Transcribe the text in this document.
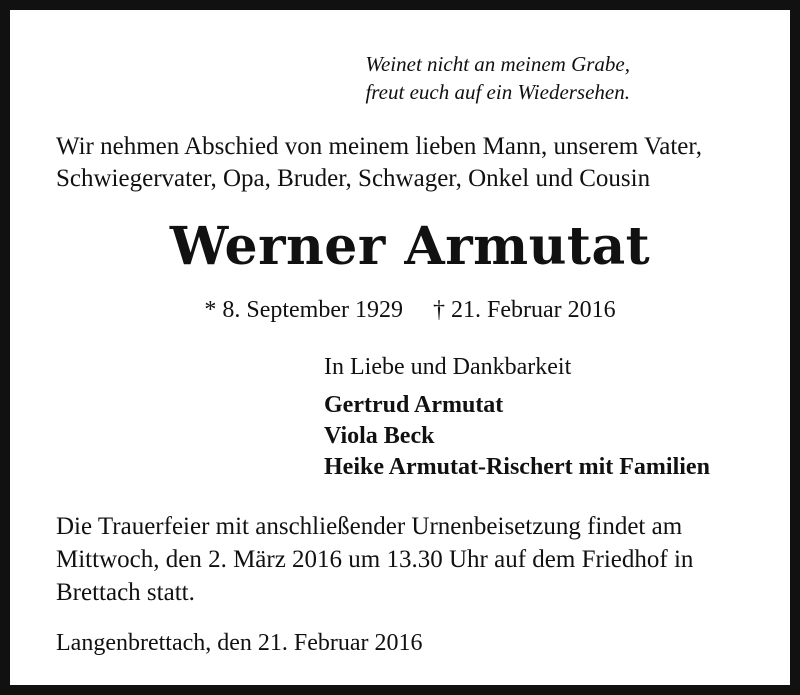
Weinet nicht an meinem Grabe,
freut euch auf ein Wiedersehen.
Wir nehmen Abschied von meinem lieben Mann, unserem Vater,
Schwiegervater, Opa, Bruder, Schwager, Onkel und Cousin
Werner Armutat
* 8. September 1929 † 21. Februar 2016
In Liebe und Dankbarkeit
Gertrud Armutat
Viola Beck
Heike Armutat-Rischert mit Familien
Die Trauerfeier mit anschließender Urnenbeisetzung findet am
Mittwoch, den 2. März 2016 um 13.30 Uhr auf dem Friedhof in
Brettach statt.
Langenbrettach, den 21. Februar 2016
